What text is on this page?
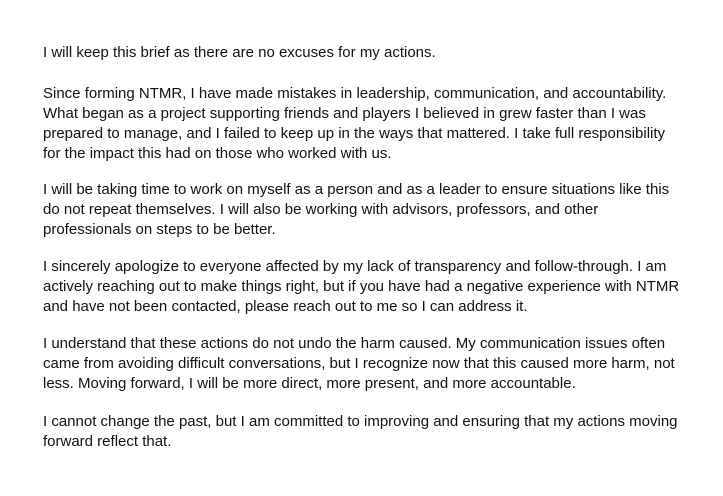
I will keep this brief as there are no excuses for my actions.

Since forming NTMR, I have made mistakes in leadership, communication, and accountability.
What began as a project supporting friends and players I believed in grew faster than I was
prepared to manage, and I failed to keep up in the ways that mattered. I take full responsibility
for the impact this had on those who worked with us.

I will be taking time to work on myself as a person and as a leader to ensure situations like this
do not repeat themselves. I will also be working with advisors, professors, and other
professionals on steps to be better.

I sincerely apologize to everyone affected by my lack of transparency and follow-through. I am
actively reaching out to make things right, but if you have had a negative experience with NTMR
and have not been contacted, please reach out to me so I can address it.

I understand that these actions do not undo the harm caused. My communication issues often
came from avoiding difficult conversations, but I recognize now that this caused more harm, not
less. Moving forward, I will be more direct, more present, and more accountable.

I cannot change the past, but I am committed to improving and ensuring that my actions moving
forward reflect that.
